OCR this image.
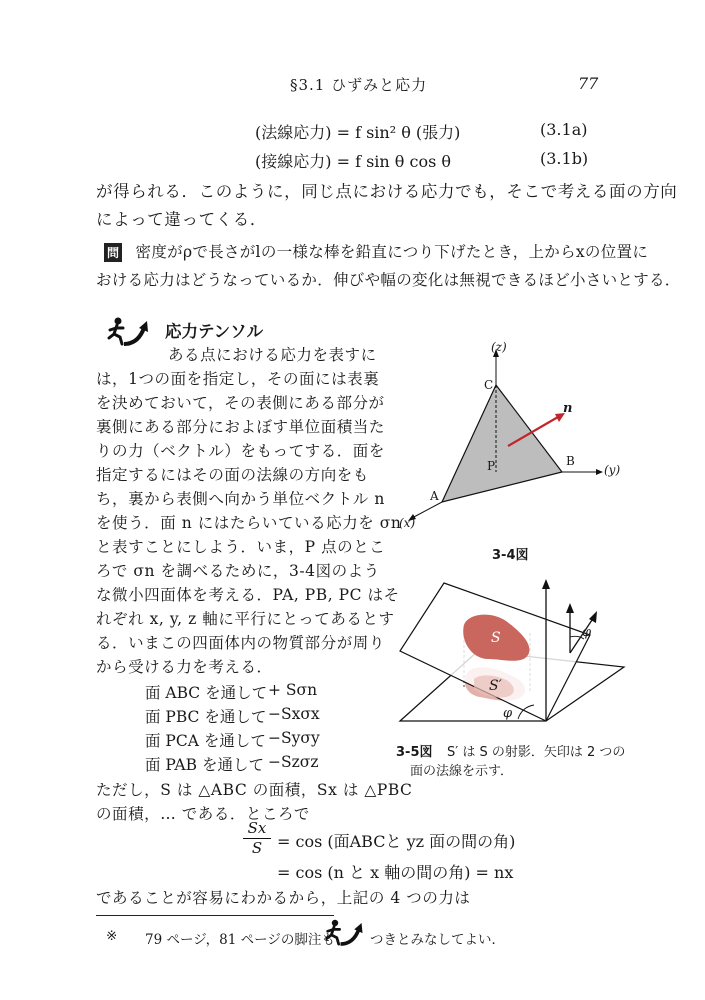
§3.1 ひずみと応力	77
(法線応力) = f sin² θ (張力)	(3.1a)
(接線応力) = f sin θ cos θ	(3.1b)
が得られる．このように，同じ点における応力でも，そこで考える面の方向
によって違ってくる．
問 密度がρで長さがlの一様な棒を鉛直につり下げたとき，上からxの位置に
おける応力はどうなっているか．伸びや幅の変化は無視できるほど小さいとする．
応力テンソル
ある点における応力を表すに
は，1つの面を指定し，その面には表裏
を決めておいて，その表側にある部分が
裏側にある部分におよぼす単位面積当た
りの力（ベクトル）をもってする．面を
指定するにはその面の法線の方向をも
ち，裏から表側へ向かう単位ベクトル n
を使う．面 n にはたらいている応力を σn
と表すことにしよう．いま，P 点のとこ
ろで σn を調べるために，3-4図のよう
な微小四面体を考える．PA, PB, PC はそ
れぞれ x, y, z 軸に平行にとってあるとす
る．いまこの四面体内の物質部分が周り
から受ける力を考える．
面 ABC を通して + Sσn
面 PBC を通して −Sxσx
面 PCA を通して −Syσy
面 PAB を通して −Szσz
ただし，S は △ABC の面積，Sx は △PBC
の面積，… である．ところで
$\frac{Sx}{S} = \cos$ (面ABCと yz 面の間の角)
= cos (n と x 軸の間の角) = nx
であることが容易にわかるから，上記の 4 つの力は
※ 79 ページ，81 ページの脚注も	つきとみなしてよい．
(z)
(y)
(x)
C
B
P
A
n
3-4図
S
S′
φ
φ
3-5図 S′ は S の射影．矢印は 2 つの
面の法線を示す．
